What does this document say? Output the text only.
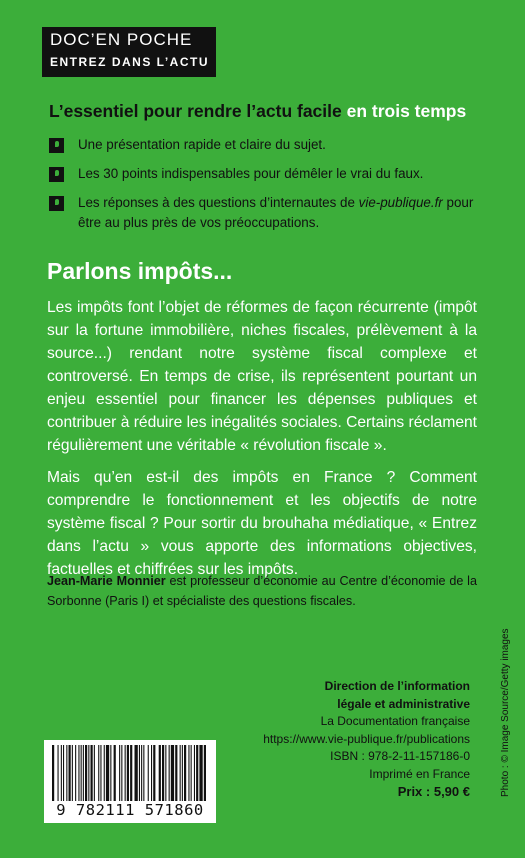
DOC’EN POCHE
ENTREZ DANS L’ACTU
L’essentiel pour rendre l’actu facile en trois temps
Une présentation rapide et claire du sujet.
Les 30 points indispensables pour démêler le vrai du faux.
Les réponses à des questions d’internautes de vie-publique.fr pour être au plus près de vos préoccupations.
Parlons impôts...

Les impôts font l’objet de réformes de façon récurrente (impôt sur la fortune immobilière, niches fiscales, prélèvement à la source...) rendant notre système fiscal complexe et controversé. En temps de crise, ils représentent pourtant un enjeu essentiel pour financer les dépenses publiques et contribuer à réduire les inégalités sociales. Certains réclament régulièrement une véritable « révolution fiscale ».

Mais qu’en est-il des impôts en France ? Comment comprendre le fonctionnement et les objectifs de notre système fiscal ? Pour sortir du brouhaha médiatique, « Entrez dans l’actu » vous apporte des informations objectives, factuelles et chiffrées sur les impôts.

Jean-Marie Monnier est professeur d’économie au Centre d’économie de la Sorbonne (Paris I) et spécialiste des questions fiscales.
Photo : © Image Source/Getty images
Direction de l’information
légale et administrative
La Documentation française
https://www.vie-publique.fr/publications
ISBN : 978-2-11-157186-0
Imprimé en France
Prix : 5,90 €
9 782111 571860
